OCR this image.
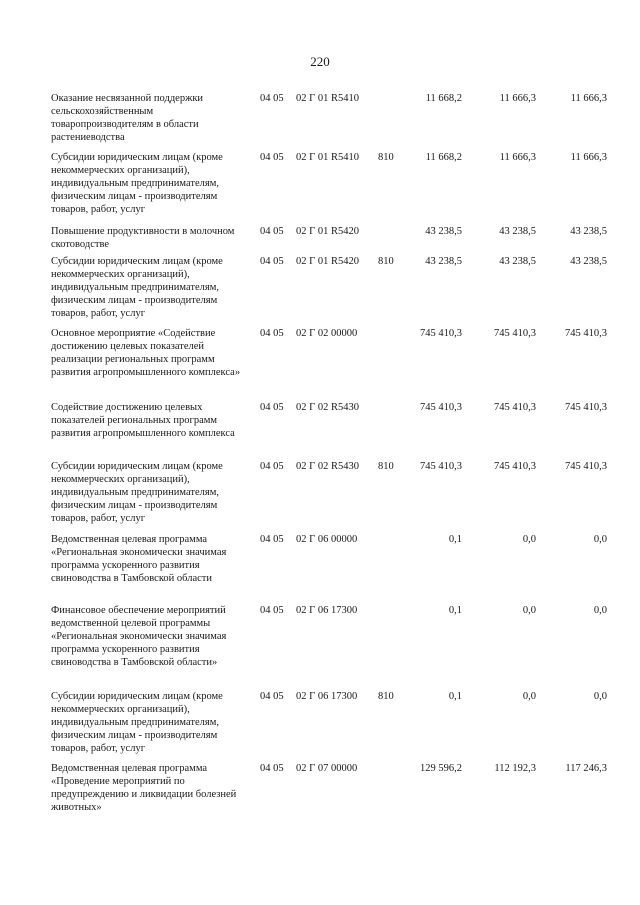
220
Оказание несвязанной поддержки сельскохозяйственным товаропроизводителям в области растениеводства
04 05 02 Г 01 R5410	11 668,2	11 666,3	11 666,3
Субсидии юридическим лицам (кроме некоммерческих организаций), индивидуальным предпринимателям, физическим лицам - производителям товаров, работ, услуг
04 05 02 Г 01 R5410 810	11 668,2	11 666,3	11 666,3
Повышение продуктивности в молочном скотоводстве
04 05 02 Г 01 R5420	43 238,5	43 238,5	43 238,5
Субсидии юридическим лицам (кроме некоммерческих организаций), индивидуальным предпринимателям, физическим лицам - производителям товаров, работ, услуг
04 05 02 Г 01 R5420 810	43 238,5	43 238,5	43 238,5
Основное мероприятие «Содействие достижению целевых показателей реализации региональных программ развития агропромышленного комплекса»
04 05 02 Г 02 00000	745 410,3	745 410,3	745 410,3
Содействие достижению целевых показателей региональных программ развития агропромышленного комплекса
04 05 02 Г 02 R5430	745 410,3	745 410,3	745 410,3
Субсидии юридическим лицам (кроме некоммерческих организаций), индивидуальным предпринимателям, физическим лицам - производителям товаров, работ, услуг
04 05 02 Г 02 R5430 810	745 410,3	745 410,3	745 410,3
Ведомственная целевая программа «Региональная экономически значимая программа ускоренного развития свиноводства в Тамбовской области
04 05 02 Г 06 00000	0,1	0,0	0,0
Финансовое обеспечение мероприятий ведомственной целевой программы «Региональная экономически значимая программа ускоренного развития свиноводства в Тамбовской области»
04 05 02 Г 06 17300	0,1	0,0	0,0
Субсидии юридическим лицам (кроме некоммерческих организаций), индивидуальным предпринимателям, физическим лицам - производителям товаров, работ, услуг
04 05 02 Г 06 17300 810	0,1	0,0	0,0
Ведомственная целевая программа «Проведение мероприятий по предупреждению и ликвидации болезней животных»
04 05 02 Г 07 00000	129 596,2	112 192,3	117 246,3
